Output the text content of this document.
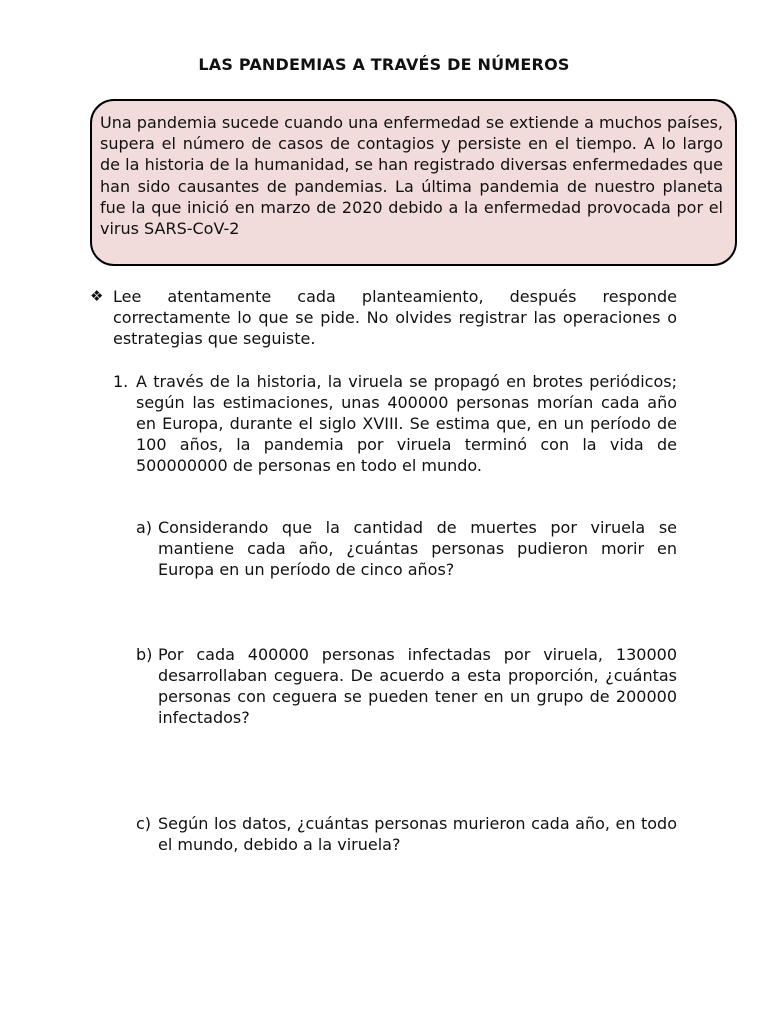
LAS PANDEMIAS A TRAVÉS DE NÚMEROS

Una pandemia sucede cuando una enfermedad se extiende a muchos países, supera el número de casos de contagios y persiste en el tiempo. A lo largo de la historia de la humanidad, se han registrado diversas enfermedades que han sido causantes de pandemias. La última pandemia de nuestro planeta fue la que inició en marzo de 2020 debido a la enfermedad provocada por el virus SARS-CoV-2

❖ Lee atentamente cada planteamiento, después responde correctamente lo que se pide. No olvides registrar las operaciones o estrategias que seguiste.

1. A través de la historia, la viruela se propagó en brotes periódicos; según las estimaciones, unas 400000 personas morían cada año en Europa, durante el siglo XVIII. Se estima que, en un período de 100 años, la pandemia por viruela terminó con la vida de 500000000 de personas en todo el mundo.

a) Considerando que la cantidad de muertes por viruela se mantiene cada año, ¿cuántas personas pudieron morir en Europa en un período de cinco años?

b) Por cada 400000 personas infectadas por viruela, 130000 desarrollaban ceguera. De acuerdo a esta proporción, ¿cuántas personas con ceguera se pueden tener en un grupo de 200000 infectados?

c) Según los datos, ¿cuántas personas murieron cada año, en todo el mundo, debido a la viruela?
